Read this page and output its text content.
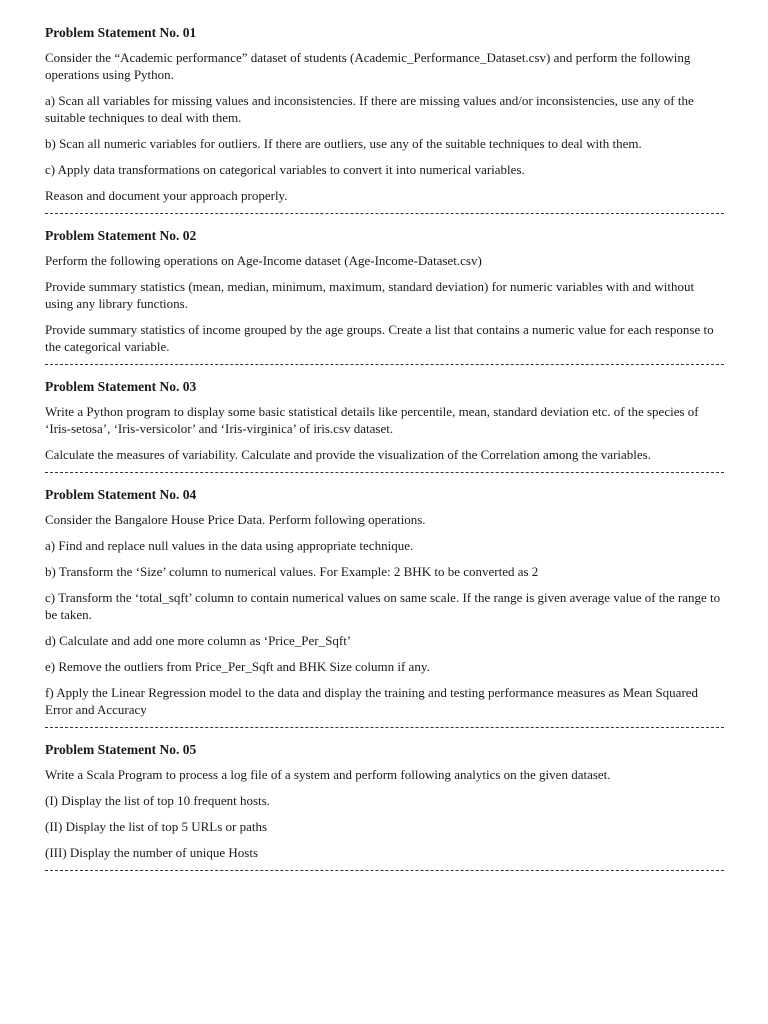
Problem Statement No. 01

Consider the “Academic performance” dataset of students (Academic_Performance_Dataset.csv) and perform the following operations using Python.

a) Scan all variables for missing values and inconsistencies. If there are missing values and/or inconsistencies, use any of the suitable techniques to deal with them.

b) Scan all numeric variables for outliers. If there are outliers, use any of the suitable techniques to deal with them.

c) Apply data transformations on categorical variables to convert it into numerical variables.

Reason and document your approach properly.

Problem Statement No. 02

Perform the following operations on Age-Income dataset (Age-Income-Dataset.csv)

Provide summary statistics (mean, median, minimum, maximum, standard deviation) for numeric variables with and without using any library functions.

Provide summary statistics of income grouped by the age groups. Create a list that contains a numeric value for each response to the categorical variable.

Problem Statement No. 03

Write a Python program to display some basic statistical details like percentile, mean, standard deviation etc. of the species of ‘Iris-setosa’, ‘Iris-versicolor’ and ‘Iris-virginica’ of iris.csv dataset.

Calculate the measures of variability. Calculate and provide the visualization of the Correlation among the variables.

Problem Statement No. 04

Consider the Bangalore House Price Data. Perform following operations.

a) Find and replace null values in the data using appropriate technique.

b) Transform the ‘Size’ column to numerical values. For Example: 2 BHK to be converted as 2

c) Transform the ‘total_sqft’ column to contain numerical values on same scale. If the range is given average value of the range to be taken.

d) Calculate and add one more column as ‘Price_Per_Sqft’

e) Remove the outliers from Price_Per_Sqft and BHK Size column if any.

f) Apply the Linear Regression model to the data and display the training and testing performance measures as Mean Squared Error and Accuracy

Problem Statement No. 05

Write a Scala Program to process a log file of a system and perform following analytics on the given dataset.

(I) Display the list of top 10 frequent hosts.

(II) Display the list of top 5 URLs or paths

(III) Display the number of unique Hosts
